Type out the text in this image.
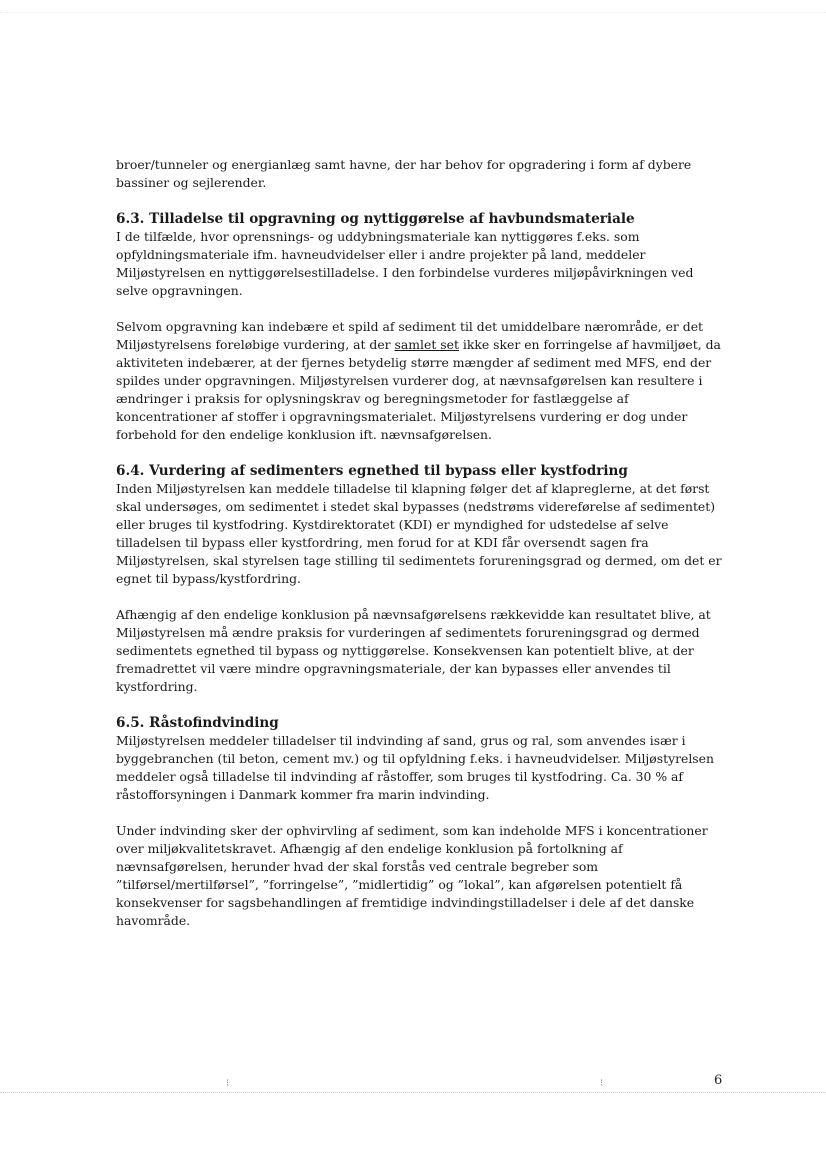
broer/tunneler og energianlæg samt havne, der har behov for opgradering i form af dybere bassiner og sejlerender.

6.3. Tilladelse til opgravning og nyttiggørelse af havbundsmateriale

I de tilfælde, hvor oprensnings- og uddybningsmateriale kan nyttiggøres f.eks. som opfyldningsmateriale ifm. havneudvidelser eller i andre projekter på land, meddeler Miljøstyrelsen en nyttiggørelsestilladelse. I den forbindelse vurderes miljøpåvirkningen ved selve opgravningen.

Selvom opgravning kan indebære et spild af sediment til det umiddelbare nærområde, er det Miljøstyrelsens foreløbige vurdering, at der samlet set ikke sker en forringelse af havmiljøet, da aktiviteten indebærer, at der fjernes betydelig større mængder af sediment med MFS, end der spildes under opgravningen. Miljøstyrelsen vurderer dog, at nævnsafgørelsen kan resultere i ændringer i praksis for oplysningskrav og beregningsmetoder for fastlæggelse af koncentrationer af stoffer i opgravningsmaterialet. Miljøstyrelsens vurdering er dog under forbehold for den endelige konklusion ift. nævnsafgørelsen.

6.4. Vurdering af sedimenters egnethed til bypass eller kystfodring

Inden Miljøstyrelsen kan meddele tilladelse til klapning følger det af klapreglerne, at det først skal undersøges, om sedimentet i stedet skal bypasses (nedstrøms videreførelse af sedimentet) eller bruges til kystfodring. Kystdirektoratet (KDI) er myndighed for udstedelse af selve tilladelsen til bypass eller kystfordring, men forud for at KDI får oversendt sagen fra Miljøstyrelsen, skal styrelsen tage stilling til sedimentets forureningsgrad og dermed, om det er egnet til bypass/kystfordring.

Afhængig af den endelige konklusion på nævnsafgørelsens rækkevidde kan resultatet blive, at Miljøstyrelsen må ændre praksis for vurderingen af sedimentets forureningsgrad og dermed sedimentets egnethed til bypass og nyttiggørelse. Konsekvensen kan potentielt blive, at der fremadrettet vil være mindre opgravningsmateriale, der kan bypasses eller anvendes til kystfordring.

6.5. Råstofindvinding

Miljøstyrelsen meddeler tilladelser til indvinding af sand, grus og ral, som anvendes især i byggebranchen (til beton, cement mv.) og til opfyldning f.eks. i havneudvidelser. Miljøstyrelsen meddeler også tilladelse til indvinding af råstoffer, som bruges til kystfodring. Ca. 30 % af råstofforsyningen i Danmark kommer fra marin indvinding.

Under indvinding sker der ophvirvling af sediment, som kan indeholde MFS i koncentrationer over miljøkvalitetskravet. Afhængig af den endelige konklusion på fortolkning af nævnsafgørelsen, herunder hvad der skal forstås ved centrale begreber som ”tilførsel/mertilførsel”, ”forringelse”, ”midlertidig” og ”lokal”, kan afgørelsen potentielt få konsekvenser for sagsbehandlingen af fremtidige indvindingstilladelser i dele af det danske havområde.

⁝	⁝	6
